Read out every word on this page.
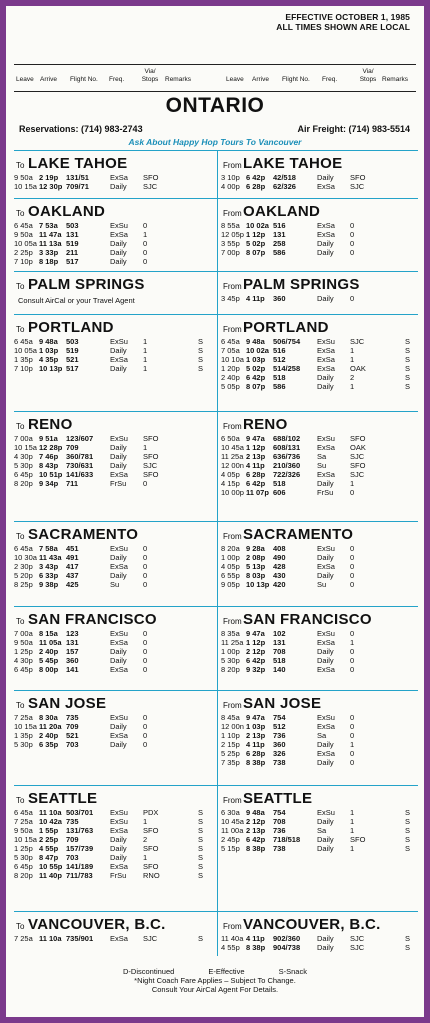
EFFECTIVE OCTOBER 1, 1985
ALL TIMES SHOWN ARE LOCAL
Leave Arrive Flight No. Freq.
Via/
Stops	Remarks	Leave Arrive Flight No. Freq.
Via/
Stops Remarks
ONTARIO
Reservations: (714) 983-2743	Air Freight: (714) 983-5514
Ask About Happy Hop Tours To Vancouver
To LAKE TAHOE
9 50a 2 19p 131/51	ExSa SFO
10 15a 12 30p 709/71	Daily SJC
From LAKE TAHOE
3 10p 6 42p 42/518	Daily SFO
4 00p 6 28p 62/326	ExSa SJC
To OAKLAND
6 45a 7 53a 503	ExSu 0
9 50a 11 47a 131	ExSa 1
10 05a 11 13a 519	Daily 0
2 25p 3 33p 211	Daily 0
7 10p 8 18p 517	Daily 0
From OAKLAND
8 55a 10 02a 516	ExSa 0
12 05p 1 12p 131	ExSa 0
3 55p 5 02p 258	Daily 0
7 00p 8 07p 586	Daily 0
To PALM SPRINGS
Consult AirCal or your Travel Agent
From PALM SPRINGS
3 45p 4 11p 360	Daily 0
To PORTLAND
6 45a 9 48a 503	ExSu 1	S
10 05a 1 03p 519	Daily 1	S
1 35p 4 35p 521	ExSa 1	S
7 10p 10 13p 517	Daily 1	S
From PORTLAND
6 45a 9 48a 506/754 ExSu SJC	S
7 05a 10 02a 516	ExSa 1	S
10 10a 1 03p 512	ExSa 1	S
1 20p 5 02p 514/258 ExSa OAK	S
2 40p 6 42p 518	Daily 2	S
5 05p 8 07p 586	Daily 1	S
To RENO
7 00a 9 51a 123/607 ExSu SFO
10 15a 12 28p 709	Daily 1
4 30p 7 46p 360/781 Daily SFO
5 30p 8 43p 730/631 Daily SJC
6 45p 10 51p 141/633 ExSa SFO
8 20p 9 34p 711	FrSu 0
From RENO
6 50a 9 47a 688/102 ExSu SFO
10 45a 1 12p 608/131 ExSa OAK
11 25a 2 13p 636/736 Sa	SJC
12 00n 4 11p 210/360 Su	SFO
4 05p 6 28p 722/326 ExSa SJC
4 15p 6 42p 518	Daily 1
10 00p 11 07p 606	FrSu 0
To SACRAMENTO
6 45a 7 58a 451	ExSu 0
10 30a 11 43a 491	Daily 0
2 30p 3 43p 417	ExSa 0
5 20p 6 33p 437	Daily 0
8 25p 9 38p 425	Su	0
From SACRAMENTO
8 20a 9 28a 408	ExSu 0
1 00p 2 08p 490	Daily 0
4 05p 5 13p 428	ExSa 0
6 55p 8 03p 430	Daily 0
9 05p 10 13p 420	Su	0
To SAN FRANCISCO
7 00a 8 15a 123	ExSu 0
9 50a 11 05a 131	ExSa 0
1 25p 2 40p 157	Daily 0
4 30p 5 45p 360	Daily 0
6 45p 8 00p 141	ExSa 0
From SAN FRANCISCO
8 35a 9 47a 102	ExSu 0
11 25a 1 12p 131	ExSa 1
1 00p 2 12p 708	Daily 0
5 30p 6 42p 518	Daily 0
8 20p 9 32p 140	ExSa 0
To SAN JOSE
7 25a 8 30a 735	ExSu 0
10 15a 11 20a 709	Daily 0
1 35p 2 40p 521	ExSa 0
5 30p 6 35p 703	Daily 0
From SAN JOSE
8 45a 9 47a 754	ExSu 0
12 00n 1 03p 512	ExSa 0
1 10p 2 13p 736	Sa	0
2 15p 4 11p 360	Daily 1
5 25p 6 28p 326	ExSa 0
7 35p 8 38p 738	Daily 0
To SEATTLE
6 45a 11 10a 503/701 ExSu PDX	S
7 25a 10 42a 735	ExSu 1	S
9 50a 1 55p 131/763 ExSa SFO	S
10 15a 2 25p 709	Daily 2	S
1 25p 4 55p 157/739 Daily SFO	S
5 30p 8 47p 703	Daily 1	S
6 45p 10 55p 141/189 ExSa SFO	S
8 20p 11 40p 711/783 FrSu RNO	S
From SEATTLE
6 30a 9 48a 754	ExSu 1	S
10 45a 2 12p 708	Daily 1	S
11 00a 2 13p 736	Sa	1	S
2 45p 6 42p 718/518 Daily SFO	S
5 15p 8 38p 738	Daily 1	S
To VANCOUVER, B.C.
7 25a 11 10a 735/901 ExSa SJC	S
From VANCOUVER, B.C.
11 40a 4 11p 902/360 Daily SJC	S
4 55p 8 38p 904/738 Daily SJC	S
D-Discontinued	E-Effective	S-Snack
*Night Coach Fare Applies – Subject To Change.
Consult Your AirCal Agent For Details.
